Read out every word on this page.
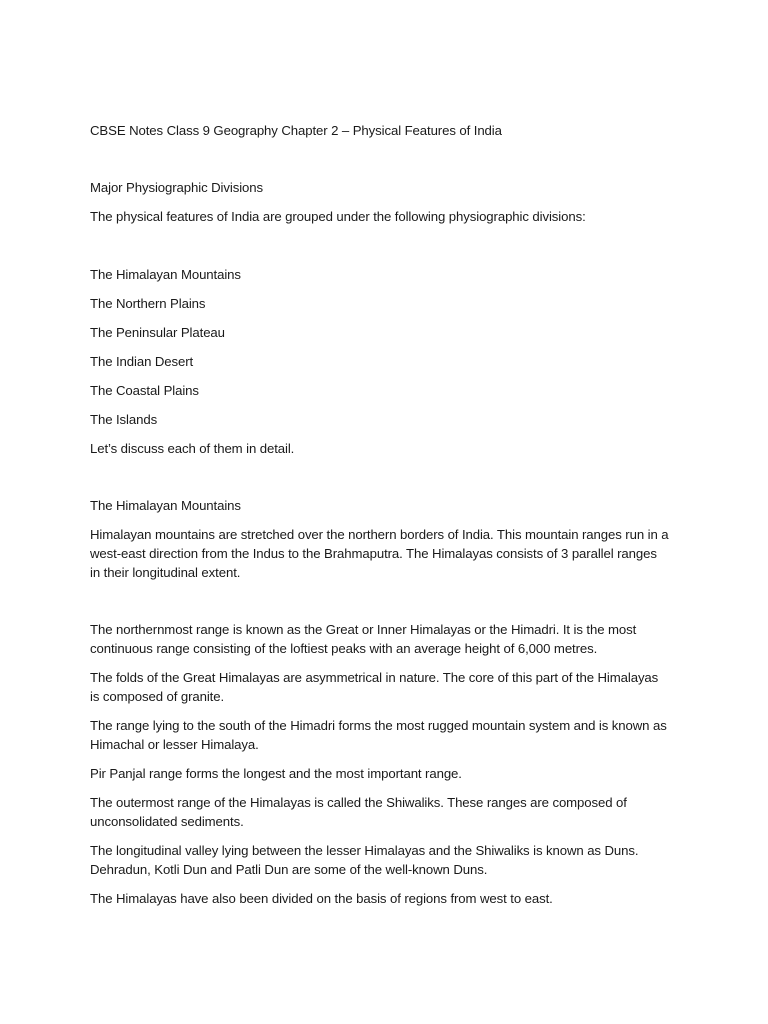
CBSE Notes Class 9 Geography Chapter 2 – Physical Features of India

Major Physiographic Divisions

The physical features of India are grouped under the following physiographic divisions:

The Himalayan Mountains

The Northern Plains

The Peninsular Plateau

The Indian Desert

The Coastal Plains

The Islands

Let’s discuss each of them in detail.

The Himalayan Mountains

Himalayan mountains are stretched over the northern borders of India. This mountain ranges run in a west-east direction from the Indus to the Brahmaputra. The Himalayas consists of 3 parallel ranges in their longitudinal extent.

The northernmost range is known as the Great or Inner Himalayas or the Himadri. It is the most continuous range consisting of the loftiest peaks with an average height of 6,000 metres.

The folds of the Great Himalayas are asymmetrical in nature. The core of this part of the Himalayas is composed of granite.

The range lying to the south of the Himadri forms the most rugged mountain system and is known as Himachal or lesser Himalaya.

Pir Panjal range forms the longest and the most important range.

The outermost range of the Himalayas is called the Shiwaliks. These ranges are composed of unconsolidated sediments.

The longitudinal valley lying between the lesser Himalayas and the Shiwaliks is known as Duns. Dehradun, Kotli Dun and Patli Dun are some of the well-known Duns.

The Himalayas have also been divided on the basis of regions from west to east.
